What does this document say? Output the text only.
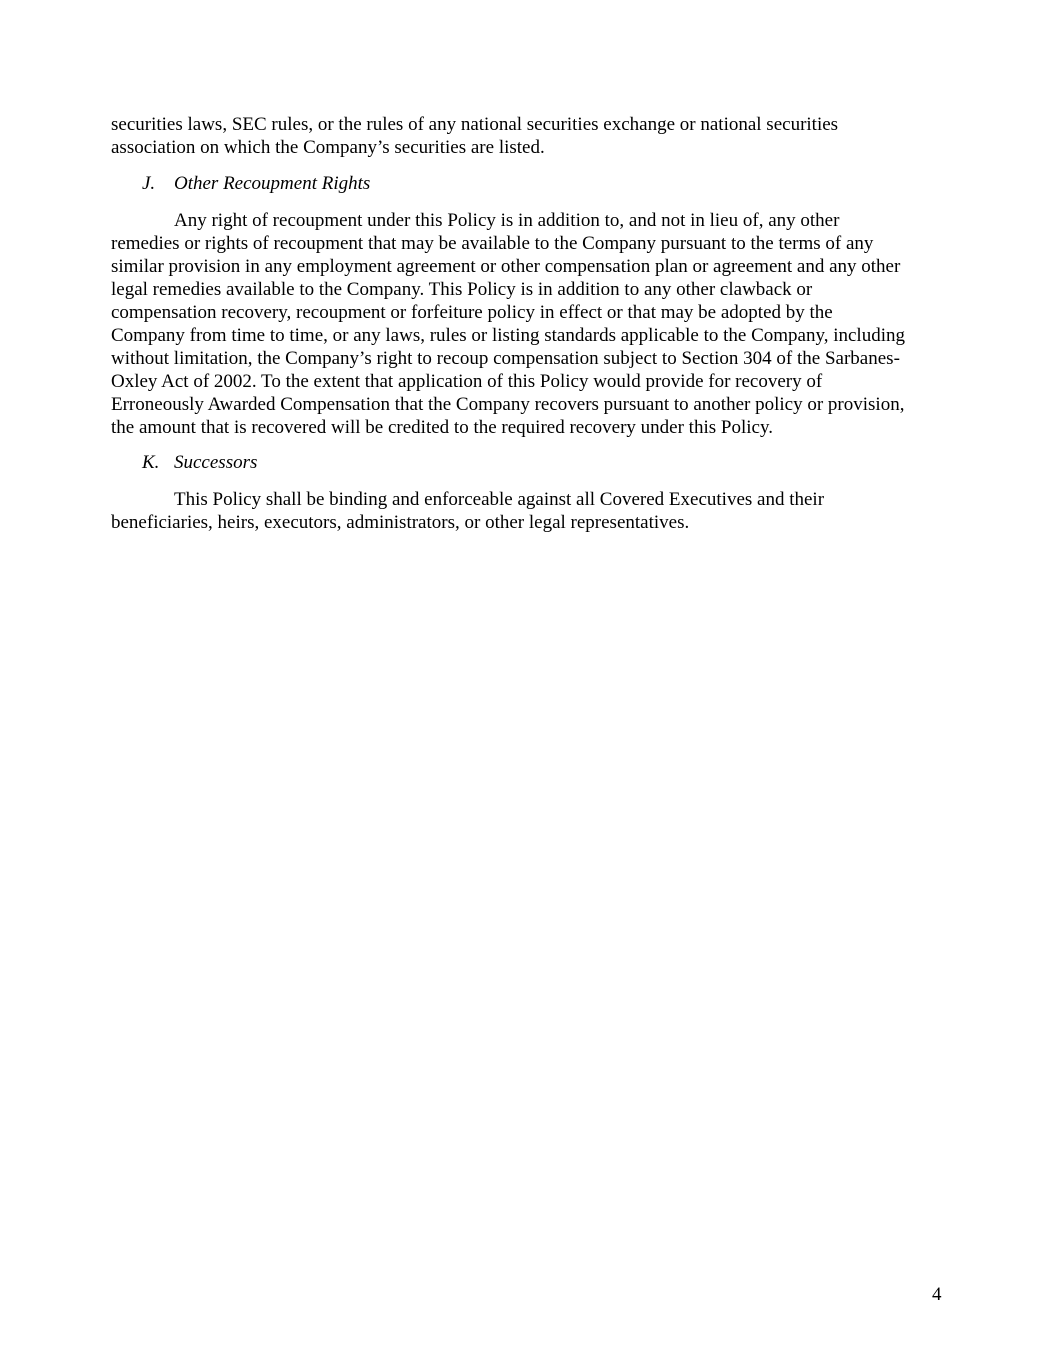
securities laws, SEC rules, or the rules of any national securities exchange or national securities
association on which the Company’s securities are listed.
J. Other Recoupment Rights
Any right of recoupment under this Policy is in addition to, and not in lieu of, any other
remedies or rights of recoupment that may be available to the Company pursuant to the terms of any
similar provision in any employment agreement or other compensation plan or agreement and any other
legal remedies available to the Company. This Policy is in addition to any other clawback or
compensation recovery, recoupment or forfeiture policy in effect or that may be adopted by the
Company from time to time, or any laws, rules or listing standards applicable to the Company, including
without limitation, the Company’s right to recoup compensation subject to Section 304 of the Sarbanes-
Oxley Act of 2002. To the extent that application of this Policy would provide for recovery of
Erroneously Awarded Compensation that the Company recovers pursuant to another policy or provision,
the amount that is recovered will be credited to the required recovery under this Policy.
K. Successors
This Policy shall be binding and enforceable against all Covered Executives and their
beneficiaries, heirs, executors, administrators, or other legal representatives.
4
